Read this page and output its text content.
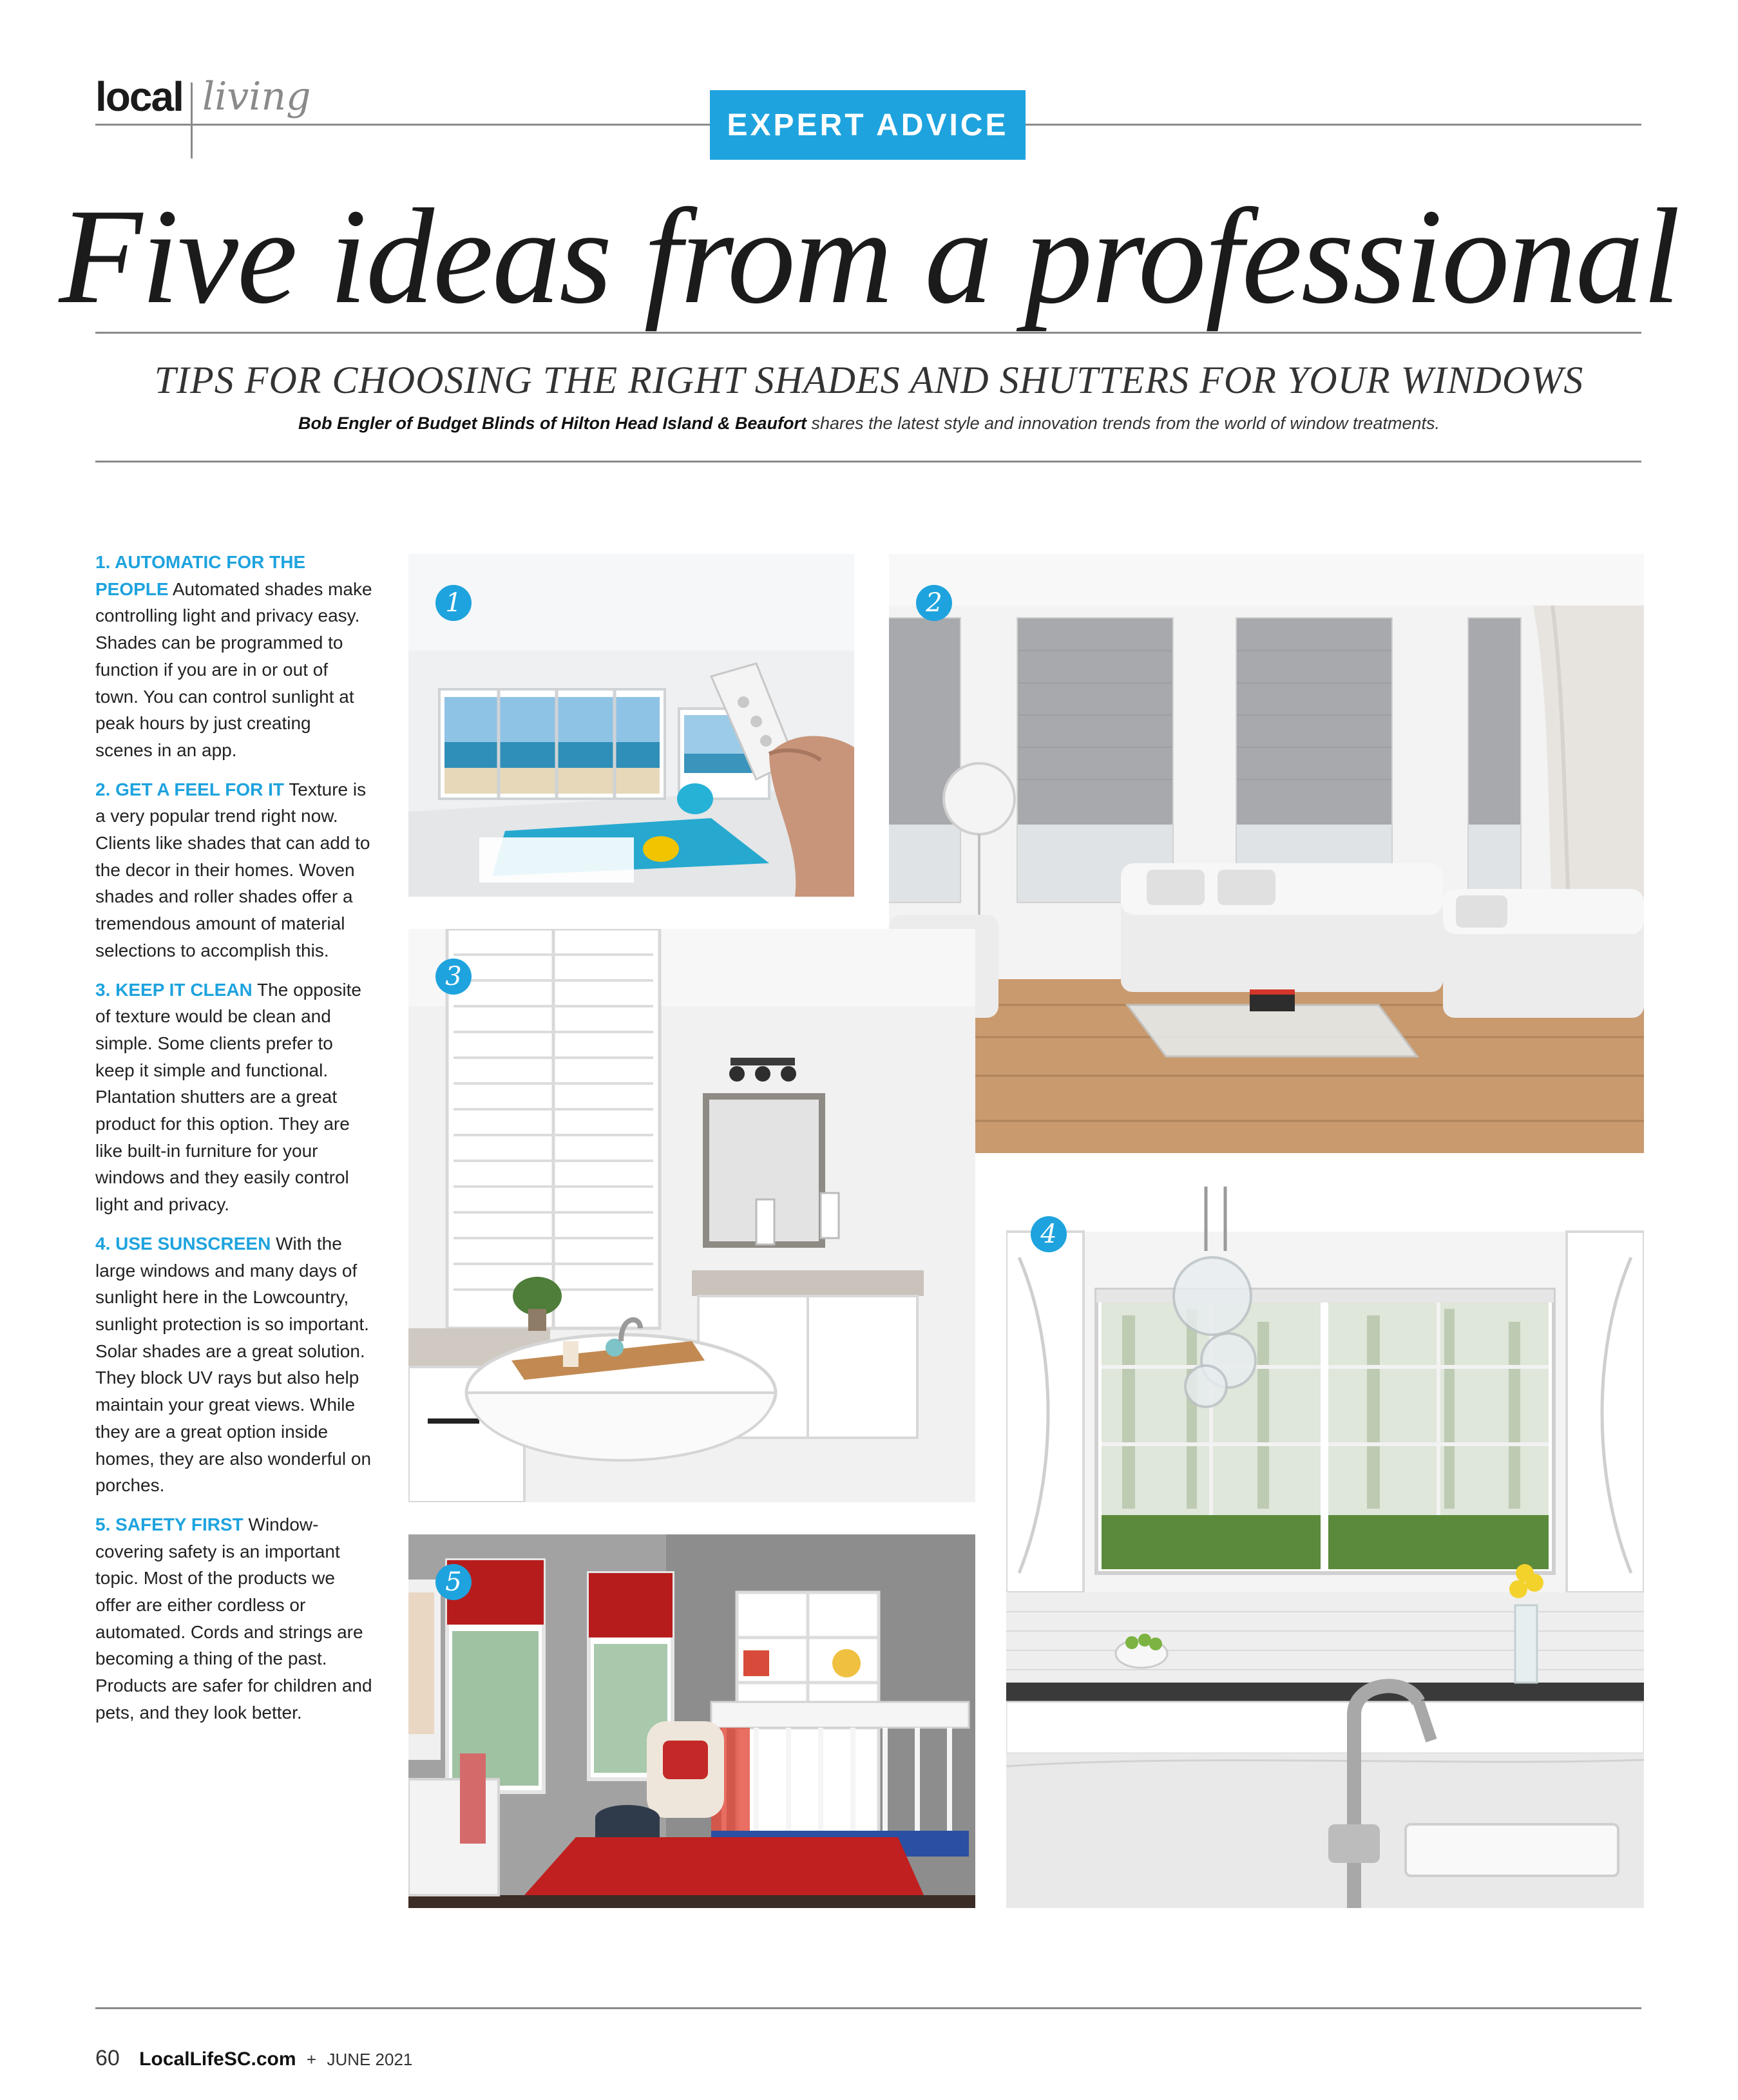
local living
EXPERT ADVICE
Five ideas from a professional
TIPS FOR CHOOSING THE RIGHT SHADES AND SHUTTERS FOR YOUR WINDOWS
Bob Engler of Budget Blinds of Hilton Head Island & Beaufort shares the latest style and innovation trends from the world of window treatments.

1. AUTOMATIC FOR THE PEOPLE Automated shades make controlling light and privacy easy. Shades can be programmed to function if you are in or out of town. You can control sunlight at peak hours by just creating scenes in an app.

2. GET A FEEL FOR IT Texture is a very popular trend right now. Clients like shades that can add to the decor in their homes. Woven shades and roller shades offer a tremendous amount of material selections to accomplish this.

3. KEEP IT CLEAN The opposite of texture would be clean and simple. Some clients prefer to keep it simple and functional. Plantation shutters are a great product for this option. They are like built-in furniture for your windows and they easily control light and privacy.

4. USE SUNSCREEN With the large windows and many days of sunlight here in the Lowcountry, sunlight protection is so important. Solar shades are a great solution. They block UV rays but also help maintain your great views. While they are a great option inside homes, they are also wonderful on porches.

5. SAFETY FIRST Window-covering safety is an important topic. Most of the products we offer are either cordless or automated. Cords and strings are becoming a thing of the past. Products are safer for children and pets, and they look better.

1	2
3
4
5
60 LocalLifeSC.com + JUNE 2021
